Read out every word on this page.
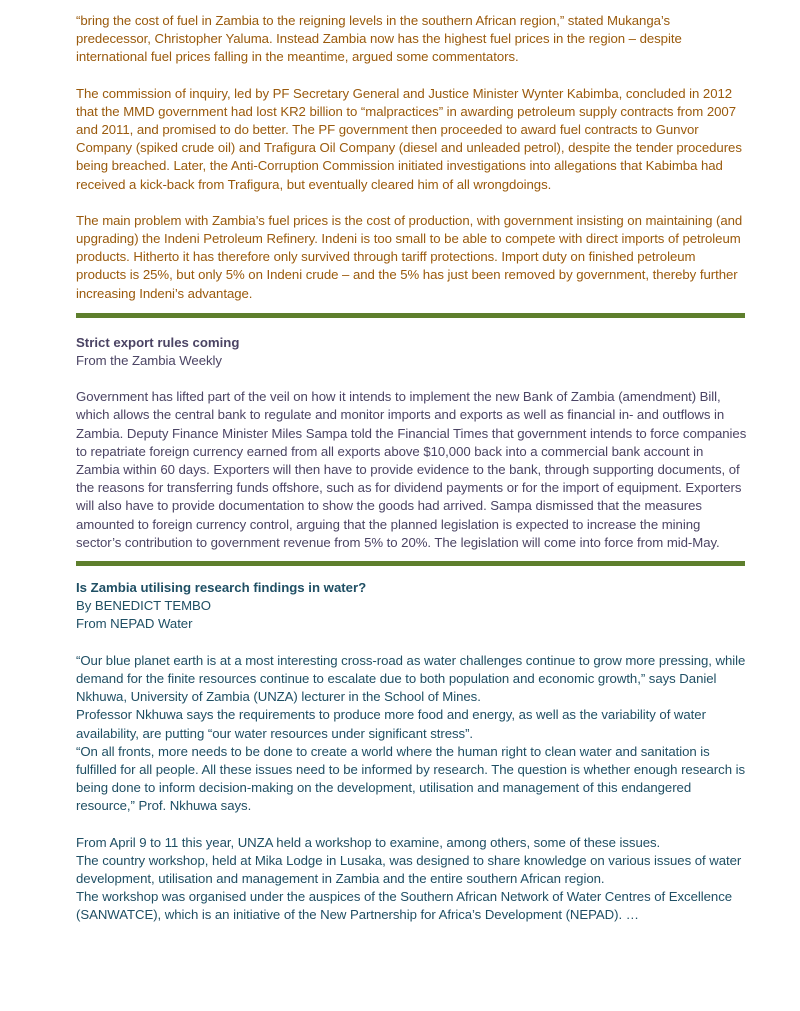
“bring the cost of fuel in Zambia to the reigning levels in the southern African region,” stated Mukanga’s predecessor, Christopher Yaluma. Instead Zambia now has the highest fuel prices in the region – despite international fuel prices falling in the meantime, argued some commentators.

The commission of inquiry, led by PF Secretary General and Justice Minister Wynter Kabimba, concluded in 2012 that the MMD government had lost KR2 billion to “malpractices” in awarding petroleum supply contracts from 2007 and 2011, and promised to do better. The PF government then proceeded to award fuel contracts to Gunvor Company (spiked crude oil) and Trafigura Oil Company (diesel and unleaded petrol), despite the tender procedures being breached. Later, the Anti-Corruption Commission initiated investigations into allegations that Kabimba had received a kick-back from Trafigura, but eventually cleared him of all wrongdoings.

The main problem with Zambia’s fuel prices is the cost of production, with government insisting on maintaining (and upgrading) the Indeni Petroleum Refinery. Indeni is too small to be able to compete with direct imports of petroleum products. Hitherto it has therefore only survived through tariff protections. Import duty on finished petroleum products is 25%, but only 5% on Indeni crude – and the 5% has just been removed by government, thereby further increasing Indeni’s advantage.

Strict export rules coming

From the Zambia Weekly

Government has lifted part of the veil on how it intends to implement the new Bank of Zambia (amendment) Bill, which allows the central bank to regulate and monitor imports and exports as well as financial in- and outflows in Zambia. Deputy Finance Minister Miles Sampa told the Financial Times that government intends to force companies to repatriate foreign currency earned from all exports above $10,000 back into a commercial bank account in Zambia within 60 days. Exporters will then have to provide evidence to the bank, through supporting documents, of the reasons for transferring funds offshore, such as for dividend payments or for the import of equipment. Exporters will also have to provide documentation to show the goods had arrived. Sampa dismissed that the measures amounted to foreign currency control, arguing that the planned legislation is expected to increase the mining sector’s contribution to government revenue from 5% to 20%. The legislation will come into force from mid-May.

Is Zambia utilising research findings in water?

By BENEDICT TEMBO

From NEPAD Water

“Our blue planet earth is at a most interesting cross-road as water challenges continue to grow more pressing, while demand for the finite resources continue to escalate due to both population and economic growth,” says Daniel Nkhuwa, University of Zambia (UNZA) lecturer in the School of Mines.
Professor Nkhuwa says the requirements to produce more food and energy, as well as the variability of water availability, are putting “our water resources under significant stress”.
“On all fronts, more needs to be done to create a world where the human right to clean water and sanitation is fulfilled for all people. All these issues need to be informed by research. The question is whether enough research is being done to inform decision-making on the development, utilisation and management of this endangered resource,” Prof. Nkhuwa says.

From April 9 to 11 this year, UNZA held a workshop to examine, among others, some of these issues.
The country workshop, held at Mika Lodge in Lusaka, was designed to share knowledge on various issues of water development, utilisation and management in Zambia and the entire southern African region.
The workshop was organised under the auspices of the Southern African Network of Water Centres of Excellence (SANWATCE), which is an initiative of the New Partnership for Africa’s Development (NEPAD). …
